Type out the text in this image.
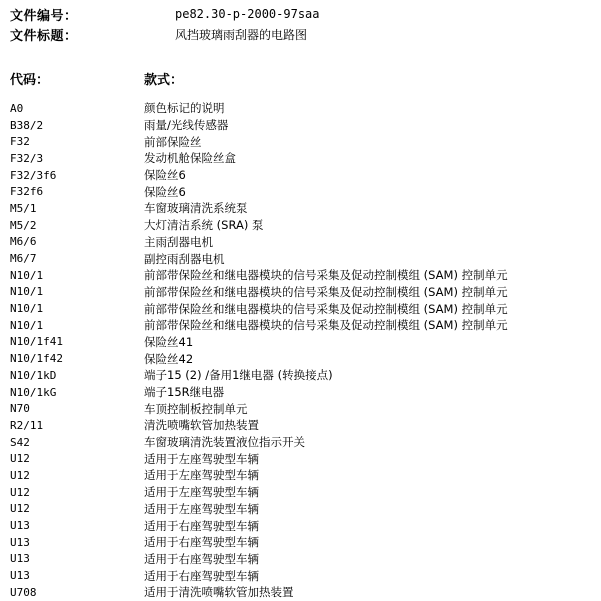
文件编号：	pe82.30-p-2000-97saa
文件标题：	风挡玻璃雨刮器的电路图
代码：	款式：
A0	颜色标记的说明
B38/2	雨量/光线传感器
F32	前部保险丝
F32/3	发动机舱保险丝盒
F32/3f6	保险丝6
F32f6	保险丝6
M5/1	车窗玻璃清洗系统泵
M5/2	大灯清洁系统 (SRA) 泵
M6/6	主雨刮器电机
M6/7	副控雨刮器电机
N10/1	前部带保险丝和继电器模块的信号采集及促动控制模组 (SAM) 控制单元
N10/1	前部带保险丝和继电器模块的信号采集及促动控制模组 (SAM) 控制单元
N10/1	前部带保险丝和继电器模块的信号采集及促动控制模组 (SAM) 控制单元
N10/1	前部带保险丝和继电器模块的信号采集及促动控制模组 (SAM) 控制单元
N10/1f41	保险丝41
N10/1f42	保险丝42
N10/1kD	端子15 (2) /备用1继电器 (转换接点)
N10/1kG	端子15R继电器
N70	车顶控制板控制单元
R2/11	清洗喷嘴软管加热装置
S42	车窗玻璃清洗装置液位指示开关
U12	适用于左座驾驶型车辆
U12	适用于左座驾驶型车辆
U12	适用于左座驾驶型车辆
U12	适用于左座驾驶型车辆
U13	适用于右座驾驶型车辆
U13	适用于右座驾驶型车辆
U13	适用于右座驾驶型车辆
U13	适用于右座驾驶型车辆
U708	适用于清洗喷嘴软管加热装置
